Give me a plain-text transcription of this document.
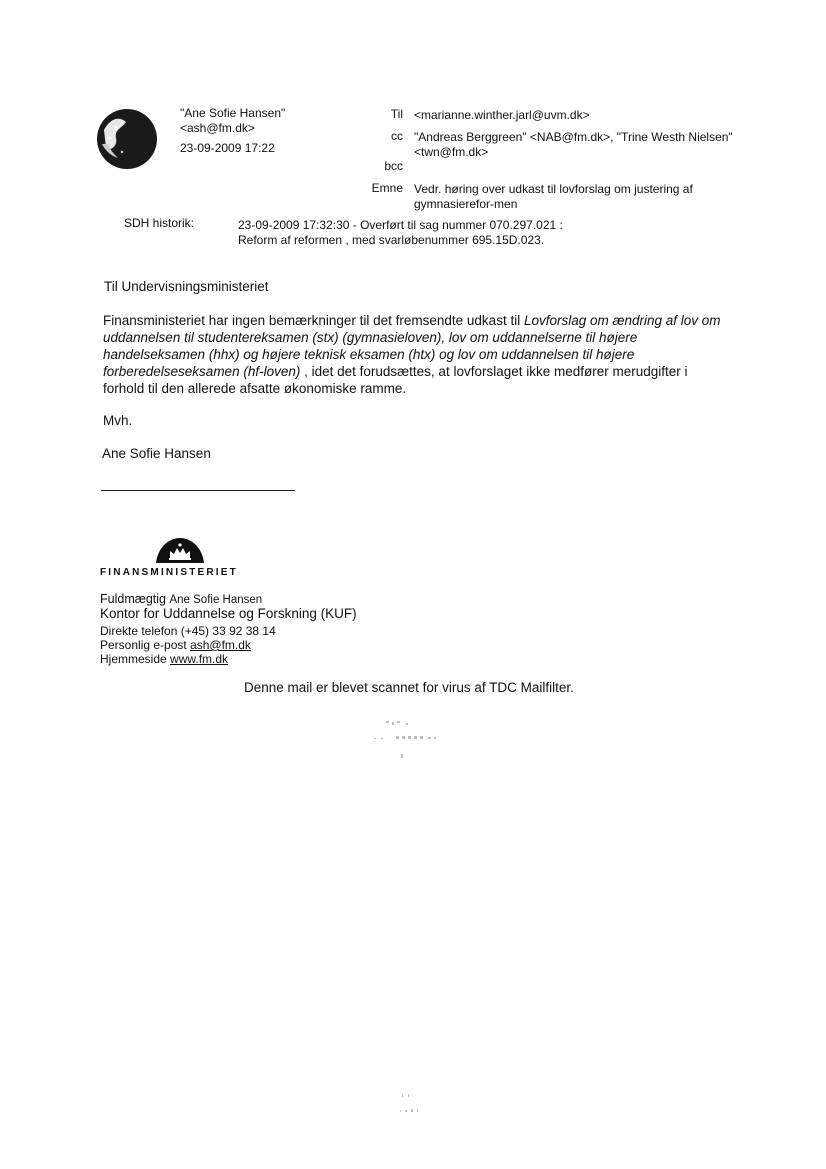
"Ane Sofie Hansen"
<ash@fm.dk>
23-09-2009 17:22
Til
cc
bcc
Emne
<marianne.winther.jarl@uvm.dk>
"Andreas Berggreen" <NAB@fm.dk>, "Trine Westh Nielsen"
<twn@fm.dk>
Vedr. høring over udkast til lovforslag om justering af
gymnasierefor-men
SDH historik:	23-09-2009 17:32:30 - Overført til sag nummer 070.297.021 :
Reform af reformen , med svarløbenummer 695.15D.023.
Til Undervisningsministeriet
Finansministeriet har ingen bemærkninger til det fremsendte udkast til Lovforslag om ændring af lov om uddannelsen til studentereksamen (stx) (gymnasieloven), lov om uddannelserne til højere handelseksamen (hhx) og højere teknisk eksamen (htx) og lov om uddannelsen til højere forberedelseseksamen (hf-loven) , idet det forudsættes, at lovforslaget ikke medfører merudgifter i forhold til den allerede afsatte økonomiske ramme.
Mvh.
Ane Sofie Hansen
FINANSMINISTERIET
Fuldmægtig Ane Sofie Hansen
Kontor for Uddannelse og Forskning (KUF)
Direkte telefon (+45) 33 92 38 14
Personlig e-post ash@fm.dk
Hjemmeside www.fm.dk
Denne mail er blevet scannet for virus af TDC Mailfilter.
